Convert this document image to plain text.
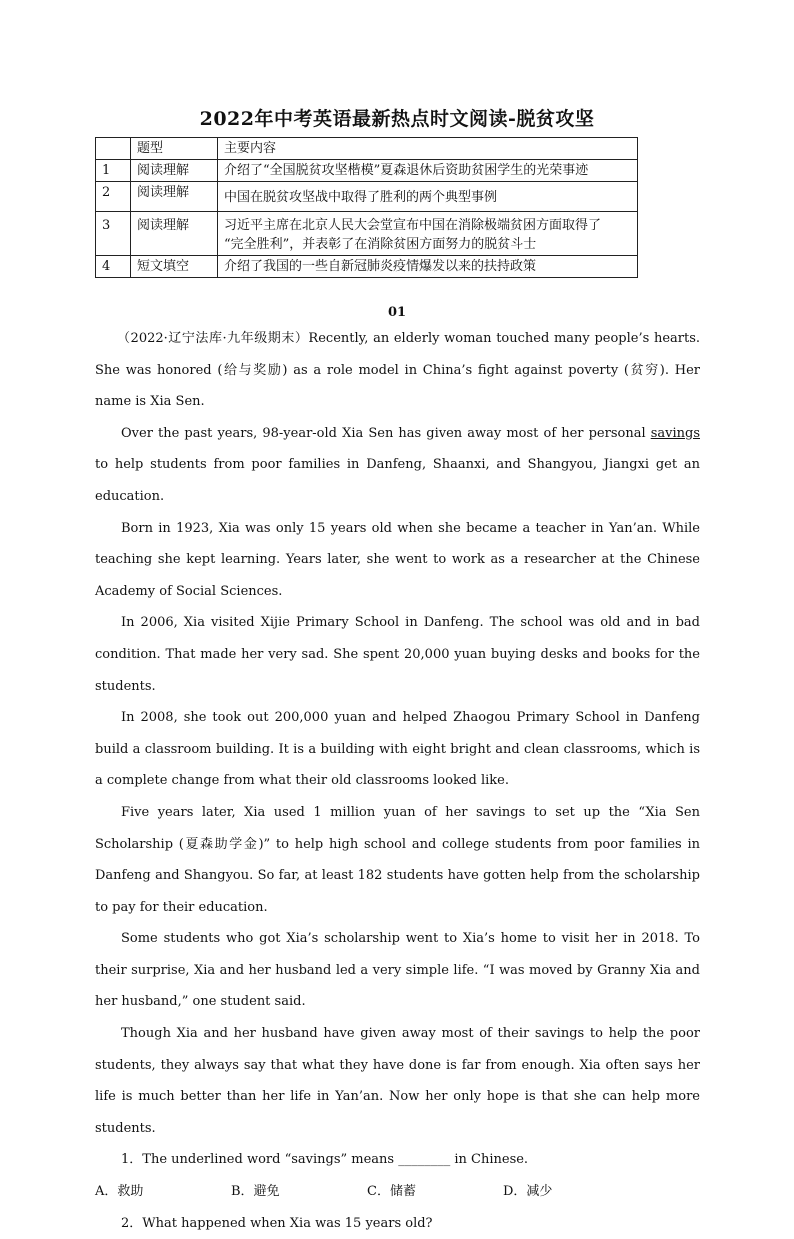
2022年中考英语最新热点时文阅读-脱贫攻坚
	题型	主要内容
1	阅读理解	介绍了“全国脱贫攻坚楷模”夏森退休后资助贫困学生的光荣事迹
2	阅读理解	中国在脱贫攻坚战中取得了胜利的两个典型事例
3	阅读理解	习近平主席在北京人民大会堂宣布中国在消除极端贫困方面取得了
“完全胜利”，并表彰了在消除贫困方面努力的脱贫斗士

4	短文填空	介绍了我国的一些自新冠肺炎疫情爆发以来的扶持政策
01

（2022·辽宁法库·九年级期末）Recently, an elderly woman touched many people’s hearts. She was honored (给与奖励) as a role model in China’s fight against poverty (贫穷). Her name is Xia Sen.

Over the past years, 98-year-old Xia Sen has given away most of her personal savings to help students from poor families in Danfeng, Shaanxi, and Shangyou, Jiangxi get an education.

Born in 1923, Xia was only 15 years old when she became a teacher in Yan’an. While teaching she kept learning. Years later, she went to work as a researcher at the Chinese Academy of Social Sciences.

In 2006, Xia visited Xijie Primary School in Danfeng. The school was old and in bad condition. That made her very sad. She spent 20,000 yuan buying desks and books for the students.

In 2008, she took out 200,000 yuan and helped Zhaogou Primary School in Danfeng build a classroom building. It is a building with eight bright and clean classrooms, which is a complete change from what their old classrooms looked like.

Five years later, Xia used 1 million yuan of her savings to set up the “Xia Sen Scholarship (夏森助学金)” to help high school and college students from poor families in Danfeng and Shangyou. So far, at least 182 students have gotten help from the scholarship to pay for their education.

Some students who got Xia’s scholarship went to Xia’s home to visit her in 2018. To their surprise, Xia and her husband led a very simple life. “I was moved by Granny Xia and her husband,” one student said.

Though Xia and her husband have given away most of their savings to help the poor students, they always say that what they have done is far from enough. Xia often says her life is much better than her life in Yan’an. Now her only hope is that she can help more students.

1．The underlined word “savings” means ________ in Chinese.

A．救助	B．避免	C．储蓄	D．减少

2．What happened when Xia was 15 years old?
